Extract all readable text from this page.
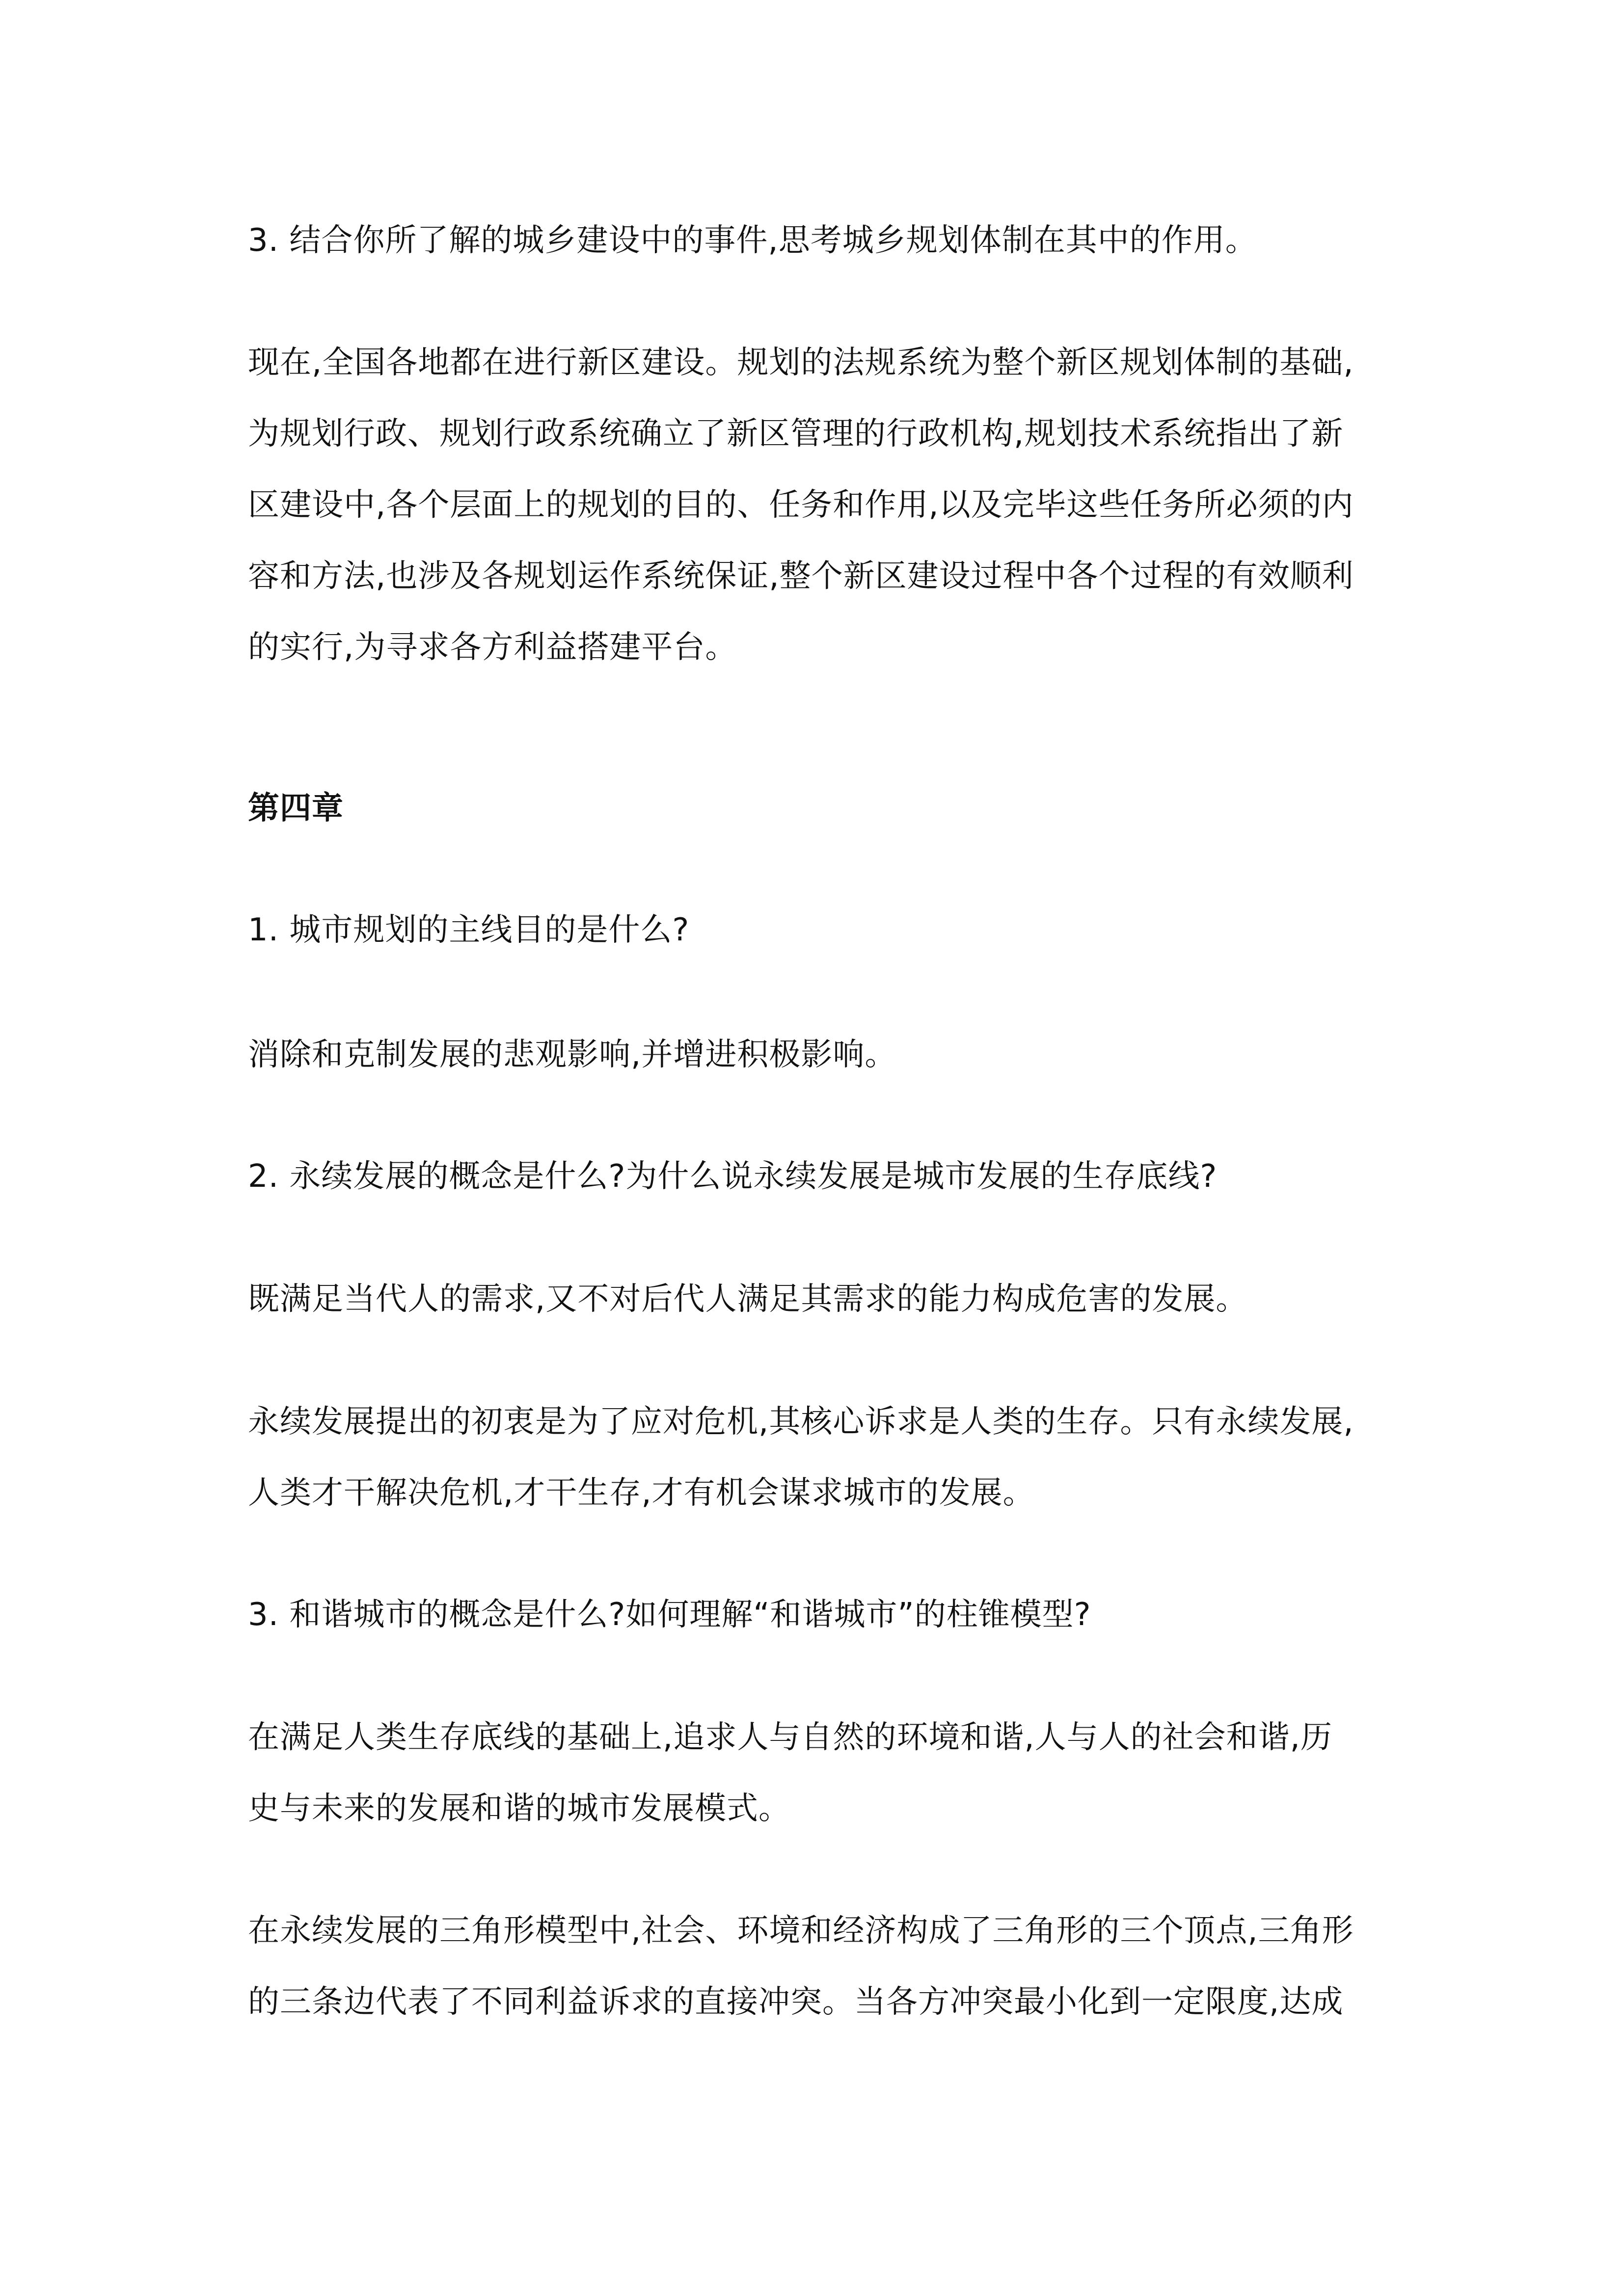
3. 结合你所了解的城乡建设中的事件,思考城乡规划体制在其中的作用。
现在,全国各地都在进行新区建设。规划的法规系统为整个新区规划体制的基础,
为规划行政、规划行政系统确立了新区管理的行政机构,规划技术系统指出了新
区建设中,各个层面上的规划的目的、任务和作用,以及完毕这些任务所必须的内
容和方法,也涉及各规划运作系统保证,整个新区建设过程中各个过程的有效顺利
的实行,为寻求各方利益搭建平台。
第四章
1. 城市规划的主线目的是什么?
消除和克制发展的悲观影响,并增进积极影响。
2. 永续发展的概念是什么?为什么说永续发展是城市发展的生存底线?
既满足当代人的需求,又不对后代人满足其需求的能力构成危害的发展。
永续发展提出的初衷是为了应对危机,其核心诉求是人类的生存。只有永续发展,
人类才干解决危机,才干生存,才有机会谋求城市的发展。
3. 和谐城市的概念是什么?如何理解“和谐城市”的柱锥模型?
在满足人类生存底线的基础上,追求人与自然的环境和谐,人与人的社会和谐,历
史与未来的发展和谐的城市发展模式。
在永续发展的三角形模型中,社会、环境和经济构成了三角形的三个顶点,三角形
的三条边代表了不同利益诉求的直接冲突。当各方冲突最小化到一定限度,达成
